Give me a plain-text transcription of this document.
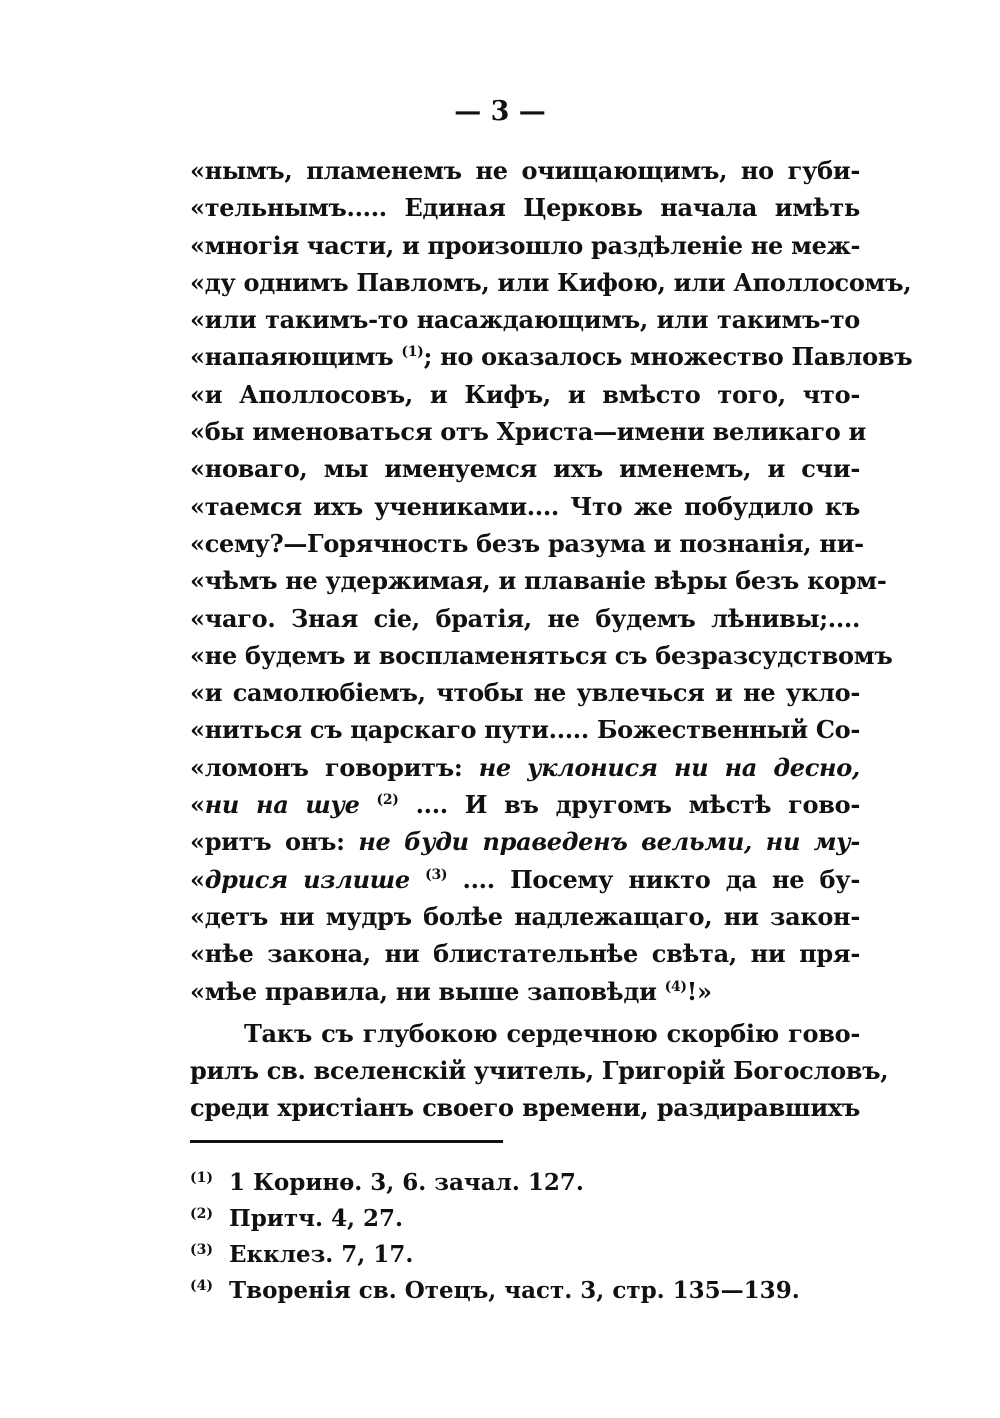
— 3 —
«нымъ, пламенемъ не очищающимъ, но губи-
«тельнымъ..... Единая Церковь начала имѣть
«многія части, и произошло раздѣленіе не меж-
«ду однимъ Павломъ, или Кифою, или Аполлосомъ,
«или такимъ-то насаждающимъ, или такимъ-то
«напаяющимъ $^{(1)}$; но оказалось множество Павловъ
«и Аполлосовъ, и Кифъ, и вмѣсто того, что-
«бы именоваться отъ Христа—имени великаго и
«новаго, мы именуемся ихъ именемъ, и счи-
«таемся ихъ учениками.... Что же побудило къ
«сему?—Горячность безъ разума и познанія, ни-
«чѣмъ не удержимая, и плаваніе вѣры безъ корм-
«чаго. Зная сіе, братія, не будемъ лѣнивы;....
«не будемъ и воспламеняться съ безразсудствомъ
«и самолюбіемъ, чтобы не увлечься и не укло-
«ниться съ царскаго пути..... Божественный Со-
«ломонъ говоритъ: не уклонися ни на десно,
«ни на шуе $^{(2)}$ .... И въ другомъ мѣстѣ гово-
«ритъ онъ: не буди праведенъ вельми, ни му-
«дрися излише $^{(3)}$ .... Посему никто да не бу-
«детъ ни мудръ болѣе надлежащаго, ни закон-
«нѣе закона, ни блистательнѣе свѣта, ни пря-
«мѣе правила, ни выше заповѣди $^{(4)}$!»
Такъ съ глубокою сердечною скорбію гово-
рилъ св. вселенскій учитель, Григорій Богословъ,
среди христіанъ своего времени, раздиравшихъ
$^{(1)}$ 1 Коринѳ. 3, 6. зачал. 127.
$^{(2)}$ Притч. 4, 27.
$^{(3)}$ Екклез. 7, 17.
$^{(4)}$ Творенія св. Отецъ, част. 3, стр. 135—139.
